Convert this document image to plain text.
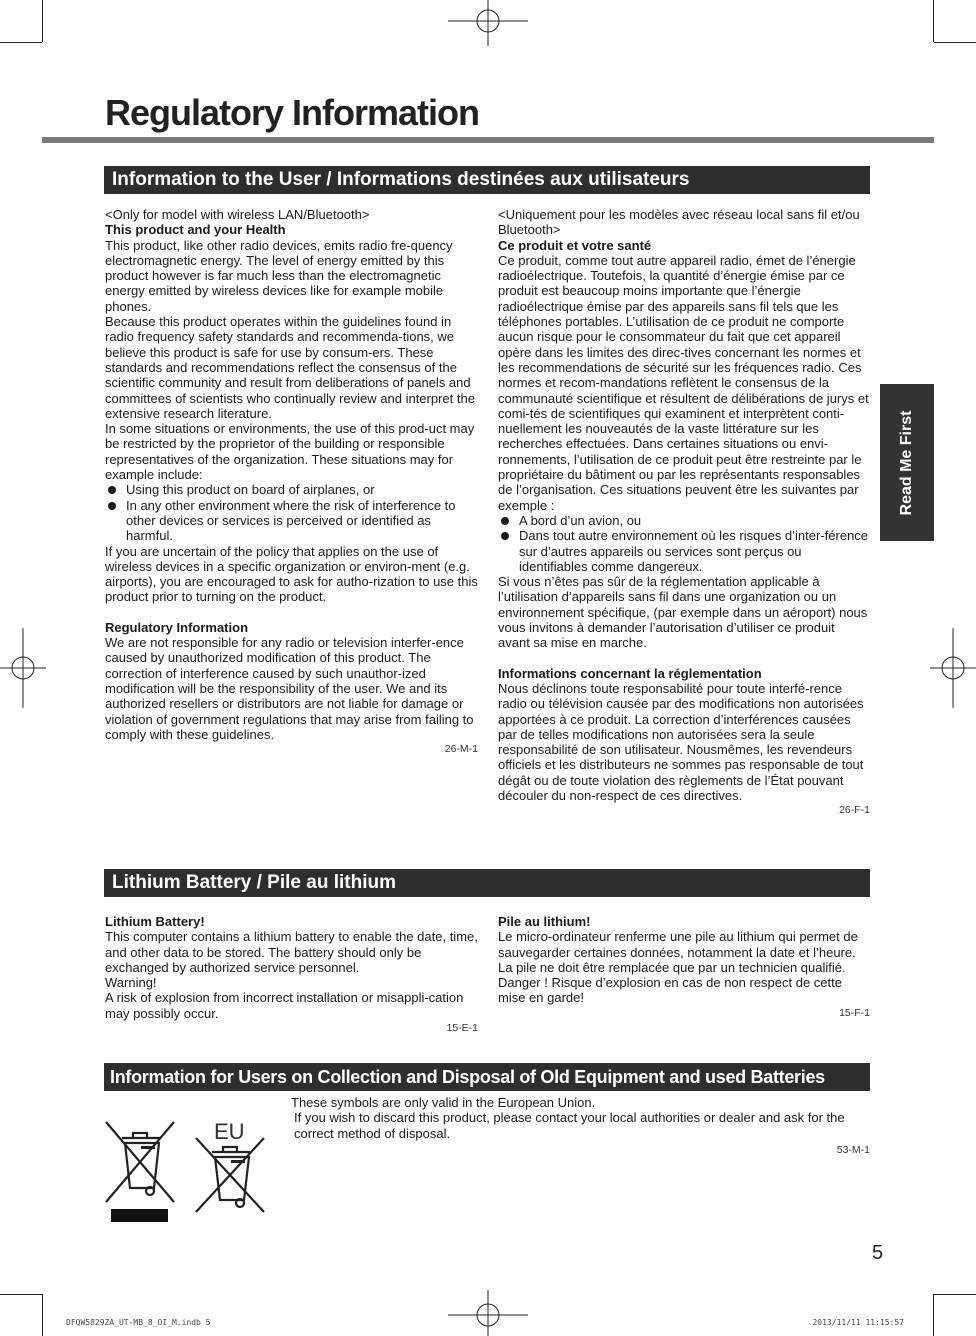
Regulatory Information
Read Me First
Information to the User / Informations destinées aux utilisateurs

<Only for model with wireless LAN/Bluetooth>

This product and your Health

This product, like other radio devices, emits radio fre-quency electromagnetic energy. The level of energy emitted by this product however is far much less than the electromagnetic energy emitted by wireless devices like for example mobile phones.

Because this product operates within the guidelines found in radio frequency safety standards and recommenda-tions, we believe this product is safe for use by consum-ers. These standards and recommendations reflect the consensus of the scientific community and result from deliberations of panels and committees of scientists who continually review and interpret the extensive research literature.

In some situations or environments, the use of this prod-uct may be restricted by the proprietor of the building or responsible representatives of the organization. These situations may for example include:

Using this product on board of airplanes, or
In any other environment where the risk of interference to other devices or services is perceived or identified as harmful.

If you are uncertain of the policy that applies on the use of wireless devices in a specific organization or environ-ment (e.g. airports), you are encouraged to ask for autho-rization to use this product prior to turning on the product.

Regulatory Information

We are not responsible for any radio or television interfer-ence caused by unauthorized modification of this product. The correction of interference caused by such unauthor-ized modification will be the responsibility of the user. We and its authorized resellers or distributors are not liable for damage or violation of government regulations that may arise from failing to comply with these guidelines.

26-M-1

<Uniquement pour les modèles avec réseau local sans fil et/ou Bluetooth>

Ce produit et votre santé

Ce produit, comme tout autre appareil radio, émet de l’énergie radioélectrique. Toutefois, la quantité d’énergie émise par ce produit est beaucoup moins importante que l’énergie radioélectrique émise par des appareils sans fil tels que les téléphones portables. L’utilisation de ce produit ne comporte aucun risque pour le consommateur du fait que cet appareil opère dans les limites des direc-tives concernant les normes et les recommendations de sécurité sur les fréquences radio. Ces normes et recom-mandations reflètent le consensus de la communauté scientifique et résultent de délibérations de jurys et comi-tés de scientifiques qui examinent et interprètent conti-nuellement les nouveautés de la vaste littérature sur les recherches effectuées. Dans certaines situations ou envi-ronnements, l’utilisation de ce produit peut être restreinte par le propriétaire du bâtiment ou par les représentants responsables de l’organisation. Ces situations peuvent être les suivantes par exemple :

A bord d’un avion, ou
Dans tout autre environnement où les risques d’inter-férence sur d’autres appareils ou services sont perçus ou identifiables comme dangereux.

Si vous n’êtes pas sûr de la réglementation applicable à l’utilisation d’appareils sans fil dans une organization ou un environnement spécifique, (par exemple dans un aéroport) nous vous invitons à demander l’autorisation d’utiliser ce produit avant sa mise en marche.

Informations concernant la réglementation

Nous déclinons toute responsabilité pour toute interfé-rence radio ou télévision causée par des modifications non autorisées apportées à ce produit. La correction d’interférences causées par de telles modifications non autorisées sera la seule responsabilité de son utilisateur. Nousmêmes, les revendeurs officiels et les distributeurs ne sommes pas responsable de tout dégât ou de toute violation des règlements de l’État pouvant découler du non-respect de ces directives.

26-F-1
Lithium Battery / Pile au lithium

Lithium Battery!

This computer contains a lithium battery to enable the date, time, and other data to be stored. The battery should only be exchanged by authorized service personnel.

Warning!

A risk of explosion from incorrect installation or misappli-cation may possibly occur.

15-E-1

Pile au lithium!

Le micro-ordinateur renferme une pile au lithium qui permet de sauvegarder certaines données, notamment la date et l’heure. La pile ne doit être remplacée que par un technicien qualifié.

Danger ! Risque d’explosion en cas de non respect de cette mise en garde!

15-F-1
Information for Users on Collection and Disposal of Old Equipment and used Batteries

These symbols are only valid in the European Union.

If you wish to discard this product, please contact your local authorities or dealer and ask for the correct method of disposal.

53-M-1
EU
5
DFQW5829ZA_UT-MB_8_OI_M.indb 5	2013/11/11 11:15:57
